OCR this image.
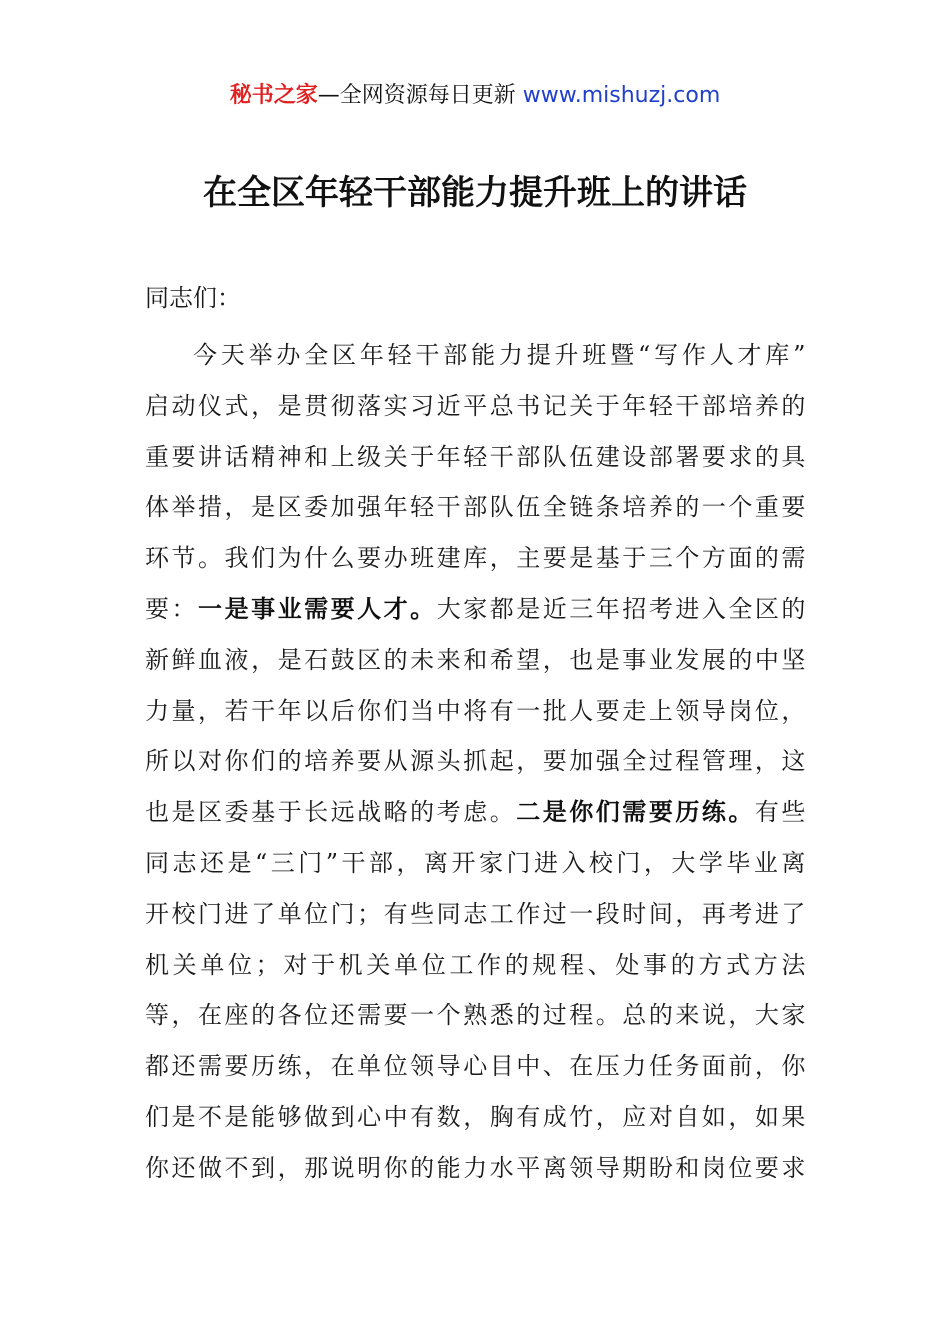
秘书之家—全网资源每日更新 www.mishuzj.com
在全区年轻干部能力提升班上的讲话
同志们：
今天举办全区年轻干部能力提升班暨“写作人才库”
启动仪式，是贯彻落实习近平总书记关于年轻干部培养的
重要讲话精神和上级关于年轻干部队伍建设部署要求的具
体举措，是区委加强年轻干部队伍全链条培养的一个重要
环节。我们为什么要办班建库，主要是基于三个方面的需
要：一是事业需要人才。大家都是近三年招考进入全区的
新鲜血液，是石鼓区的未来和希望，也是事业发展的中坚
力量，若干年以后你们当中将有一批人要走上领导岗位，
所以对你们的培养要从源头抓起，要加强全过程管理，这
也是区委基于长远战略的考虑。二是你们需要历练。有些
同志还是“三门”干部，离开家门进入校门，大学毕业离
开校门进了单位门；有些同志工作过一段时间，再考进了
机关单位；对于机关单位工作的规程、处事的方式方法
等，在座的各位还需要一个熟悉的过程。总的来说，大家
都还需要历练，在单位领导心目中、在压力任务面前，你
们是不是能够做到心中有数，胸有成竹，应对自如，如果
你还做不到，那说明你的能力水平离领导期盼和岗位要求
